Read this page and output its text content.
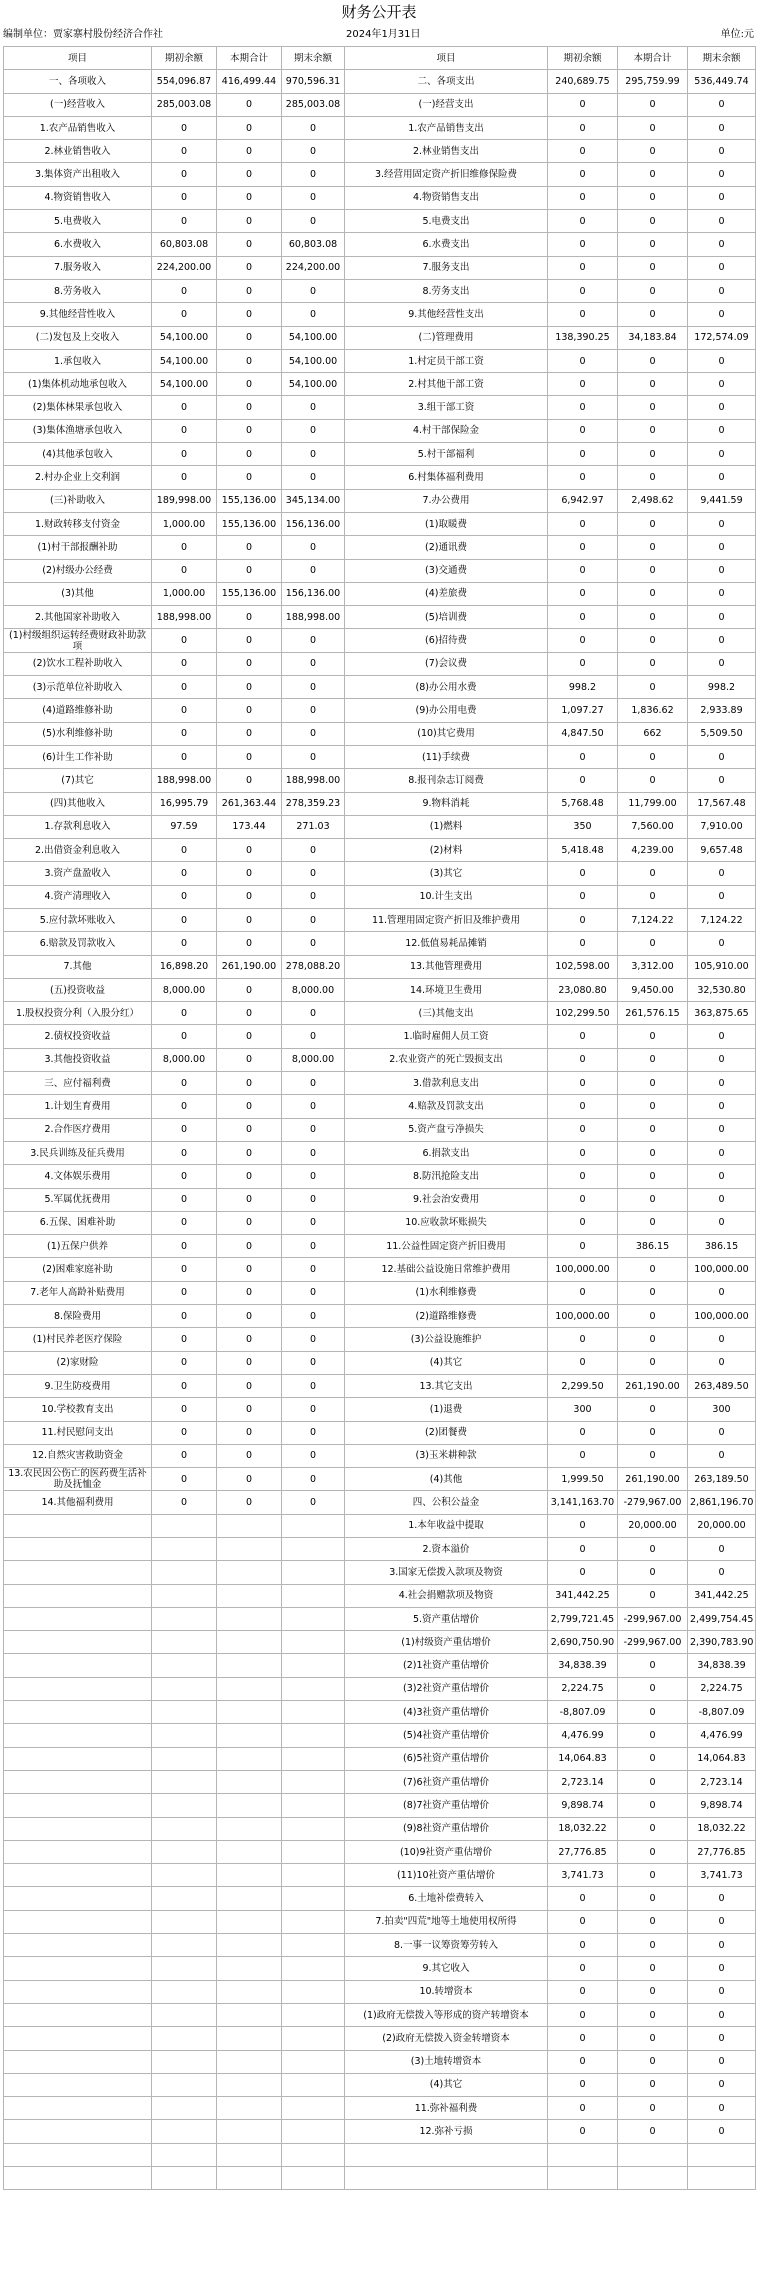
财务公开表
编制单位：贾家寨村股份经济合作社	2024年1月31日	单位:元
项目	期初余额	本期合计	期末余额	项目	期初余额	本期合计	期末余额
一、各项收入	554,096.87	416,499.44	970,596.31	二、各项支出	240,689.75	295,759.99	536,449.74
(一)经营收入	285,003.08	0	285,003.08	(一)经营支出	0	0	0
1.农产品销售收入	0	0	0	1.农产品销售支出	0	0	0
2.林业销售收入	0	0	0	2.林业销售支出	0	0	0
3.集体资产出租收入	0	0	0	3.经营用固定资产折旧维修保险费	0	0	0
4.物资销售收入	0	0	0	4.物资销售支出	0	0	0
5.电费收入	0	0	0	5.电费支出	0	0	0
6.水费收入	60,803.08	0	60,803.08	6.水费支出	0	0	0
7.服务收入	224,200.00	0	224,200.00	7.服务支出	0	0	0
8.劳务收入	0	0	0	8.劳务支出	0	0	0
9.其他经营性收入	0	0	0	9.其他经营性支出	0	0	0
(二)发包及上交收入	54,100.00	0	54,100.00	(二)管理费用	138,390.25	34,183.84	172,574.09
1.承包收入	54,100.00	0	54,100.00	1.村定员干部工资	0	0	0
(1)集体机动地承包收入	54,100.00	0	54,100.00	2.村其他干部工资	0	0	0
(2)集体林果承包收入	0	0	0	3.组干部工资	0	0	0
(3)集体渔塘承包收入	0	0	0	4.村干部保险金	0	0	0
(4)其他承包收入	0	0	0	5.村干部福利	0	0	0
2.村办企业上交利润	0	0	0	6.村集体福利费用	0	0	0
(三)补助收入	189,998.00	155,136.00	345,134.00	7.办公费用	6,942.97	2,498.62	9,441.59
1.财政转移支付资金	1,000.00	155,136.00	156,136.00	(1)取暖费	0	0	0
(1)村干部报酬补助	0	0	0	(2)通讯费	0	0	0
(2)村级办公经费	0	0	0	(3)交通费	0	0	0
(3)其他	1,000.00	155,136.00	156,136.00	(4)差旅费	0	0	0
2.其他国家补助收入	188,998.00	0	188,998.00	(5)培训费	0	0	0
(1)村级组织运转经费财政补助款项	0	0	0	(6)招待费	0	0	0
(2)饮水工程补助收入	0	0	0	(7)会议费	0	0	0
(3)示范单位补助收入	0	0	0	(8)办公用水费	998.2	0	998.2
(4)道路维修补助	0	0	0	(9)办公用电费	1,097.27	1,836.62	2,933.89
(5)水利维修补助	0	0	0	(10)其它费用	4,847.50	662	5,509.50
(6)计生工作补助	0	0	0	(11)手续费	0	0	0
(7)其它	188,998.00	0	188,998.00	8.报刊杂志订阅费	0	0	0
(四)其他收入	16,995.79	261,363.44	278,359.23	9.物料消耗	5,768.48	11,799.00	17,567.48
1.存款利息收入	97.59	173.44	271.03	(1)燃料	350	7,560.00	7,910.00
2.出借资金利息收入	0	0	0	(2)材料	5,418.48	4,239.00	9,657.48
3.资产盘盈收入	0	0	0	(3)其它	0	0	0
4.资产清理收入	0	0	0	10.计生支出	0	0	0
5.应付款坏账收入	0	0	0	11.管理用固定资产折旧及维护费用	0	7,124.22	7,124.22
6.赔款及罚款收入	0	0	0	12.低值易耗品摊销	0	0	0
7.其他	16,898.20	261,190.00	278,088.20	13.其他管理费用	102,598.00	3,312.00	105,910.00
(五)投资收益	8,000.00	0	8,000.00	14.环境卫生费用	23,080.80	9,450.00	32,530.80
1.股权投资分利（入股分红）	0	0	0	(三)其他支出	102,299.50	261,576.15	363,875.65
2.债权投资收益	0	0	0	1.临时雇佣人员工资	0	0	0
3.其他投资收益	8,000.00	0	8,000.00	2.农业资产的死亡毁损支出	0	0	0
三、应付福利费	0	0	0	3.借款利息支出	0	0	0
1.计划生育费用	0	0	0	4.赔款及罚款支出	0	0	0
2.合作医疗费用	0	0	0	5.资产盘亏净损失	0	0	0
3.民兵训练及征兵费用	0	0	0	6.捐款支出	0	0	0
4.文体娱乐费用	0	0	0	8.防汛抢险支出	0	0	0
5.军属优抚费用	0	0	0	9.社会治安费用	0	0	0
6.五保、困难补助	0	0	0	10.应收款坏账损失	0	0	0
(1)五保户供养	0	0	0	11.公益性固定资产折旧费用	0	386.15	386.15
(2)困难家庭补助	0	0	0	12.基础公益设施日常维护费用	100,000.00	0	100,000.00
7.老年人高龄补贴费用	0	0	0	(1)水利维修费	0	0	0
8.保险费用	0	0	0	(2)道路维修费	100,000.00	0	100,000.00
(1)村民养老医疗保险	0	0	0	(3)公益设施维护	0	0	0
(2)家财险	0	0	0	(4)其它	0	0	0
9.卫生防疫费用	0	0	0	13.其它支出	2,299.50	261,190.00	263,489.50
10.学校教育支出	0	0	0	(1)退费	300	0	300
11.村民慰问支出	0	0	0	(2)团餐费	0	0	0
12.自然灾害救助资金	0	0	0	(3)玉米耕种款	0	0	0
13.农民因公伤亡的医药费生活补助及抚恤金	0	0	0	(4)其他	1,999.50	261,190.00	263,189.50
14.其他福利费用	0	0	0	四、公积公益金	3,141,163.70	-279,967.00	2,861,196.70
				1.本年收益中提取	0	20,000.00	20,000.00
				2.资本溢价	0	0	0
				3.国家无偿拨入款项及物资	0	0	0
				4.社会捐赠款项及物资	341,442.25	0	341,442.25
				5.资产重估增价	2,799,721.45	-299,967.00	2,499,754.45
				(1)村级资产重估增价	2,690,750.90	-299,967.00	2,390,783.90
				(2)1社资产重估增价	34,838.39	0	34,838.39
				(3)2社资产重估增价	2,224.75	0	2,224.75
				(4)3社资产重估增价	-8,807.09	0	-8,807.09
				(5)4社资产重估增价	4,476.99	0	4,476.99
				(6)5社资产重估增价	14,064.83	0	14,064.83
				(7)6社资产重估增价	2,723.14	0	2,723.14
				(8)7社资产重估增价	9,898.74	0	9,898.74
				(9)8社资产重估增价	18,032.22	0	18,032.22
				(10)9社资产重估增价	27,776.85	0	27,776.85
				(11)10社资产重估增价	3,741.73	0	3,741.73
				6.土地补偿费转入	0	0	0
				7.拍卖"四荒"地等土地使用权所得	0	0	0
				8.一事一议筹资筹劳转入	0	0	0
				9.其它收入	0	0	0
				10.转增资本	0	0	0
				(1)政府无偿拨入等形成的资产转增资本	0	0	0
				(2)政府无偿拨入资金转增资本	0	0	0
				(3)土地转增资本	0	0	0
				(4)其它	0	0	0
				11.弥补福利费	0	0	0
				12.弥补亏损	0	0	0
